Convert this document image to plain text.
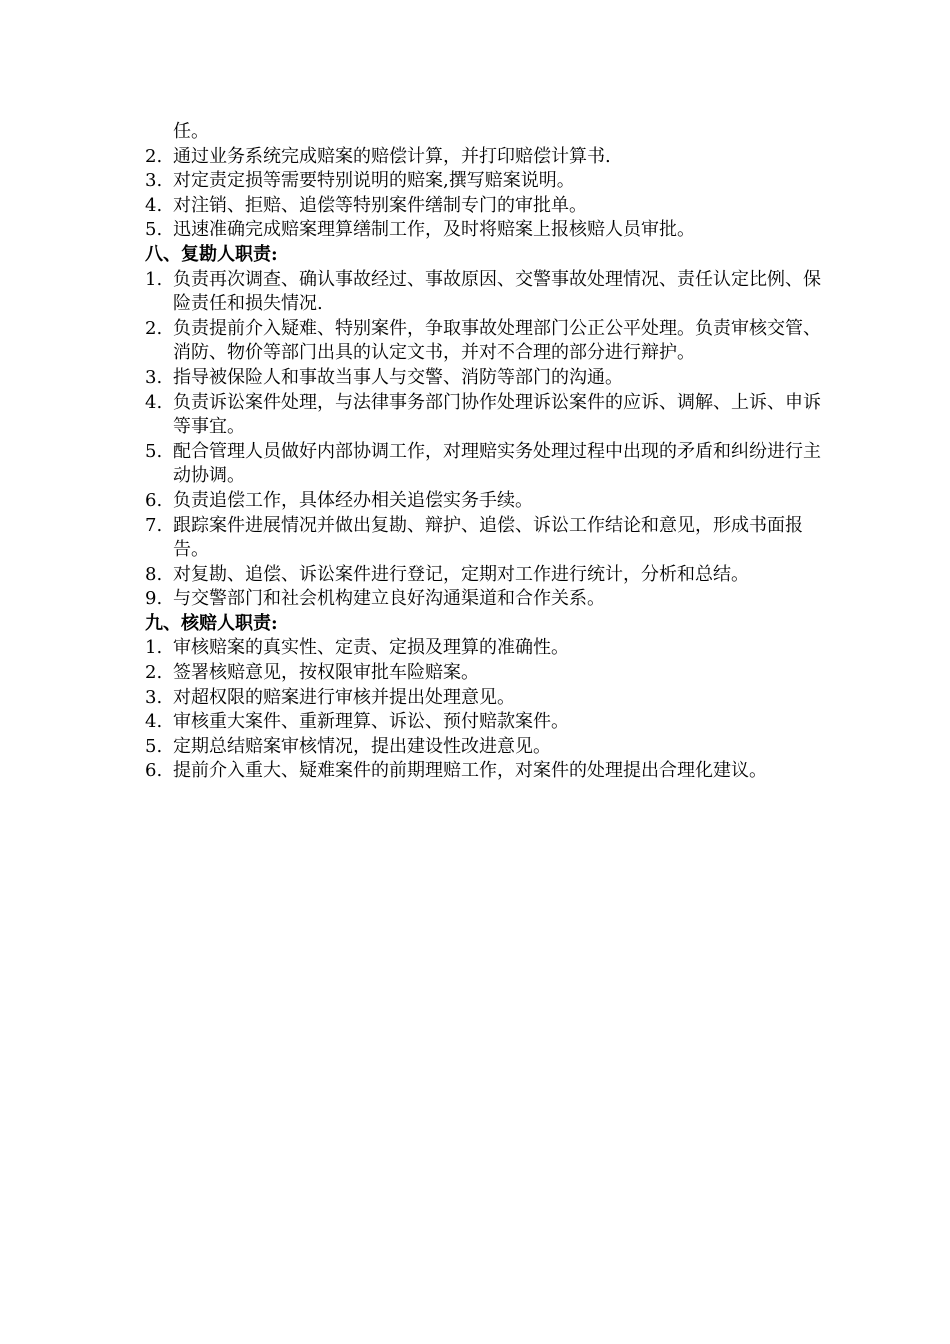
任。
2. 通过业务系统完成赔案的赔偿计算，并打印赔偿计算书.
3. 对定责定损等需要特别说明的赔案,撰写赔案说明。
4. 对注销、拒赔、追偿等特别案件缮制专门的审批单。
5. 迅速准确完成赔案理算缮制工作，及时将赔案上报核赔人员审批。
八、复勘人职责:
1. 负责再次调查、确认事故经过、事故原因、交警事故处理情况、责任认定比例、保险责任和损失情况.
2. 负责提前介入疑难、特别案件，争取事故处理部门公正公平处理。负责审核交管、消防、物价等部门出具的认定文书，并对不合理的部分进行辩护。
3. 指导被保险人和事故当事人与交警、消防等部门的沟通。
4. 负责诉讼案件处理，与法律事务部门协作处理诉讼案件的应诉、调解、上诉、申诉等事宜。
5. 配合管理人员做好内部协调工作，对理赔实务处理过程中出现的矛盾和纠纷进行主动协调。
6. 负责追偿工作，具体经办相关追偿实务手续。
7. 跟踪案件进展情况并做出复勘、辩护、追偿、诉讼工作结论和意见，形成书面报告。
8. 对复勘、追偿、诉讼案件进行登记，定期对工作进行统计，分析和总结。
9. 与交警部门和社会机构建立良好沟通渠道和合作关系。
九、核赔人职责:
1. 审核赔案的真实性、定责、定损及理算的准确性。
2. 签署核赔意见，按权限审批车险赔案。
3. 对超权限的赔案进行审核并提出处理意见。
4. 审核重大案件、重新理算、诉讼、预付赔款案件。
5. 定期总结赔案审核情况，提出建设性改进意见。
6. 提前介入重大、疑难案件的前期理赔工作，对案件的处理提出合理化建议。
